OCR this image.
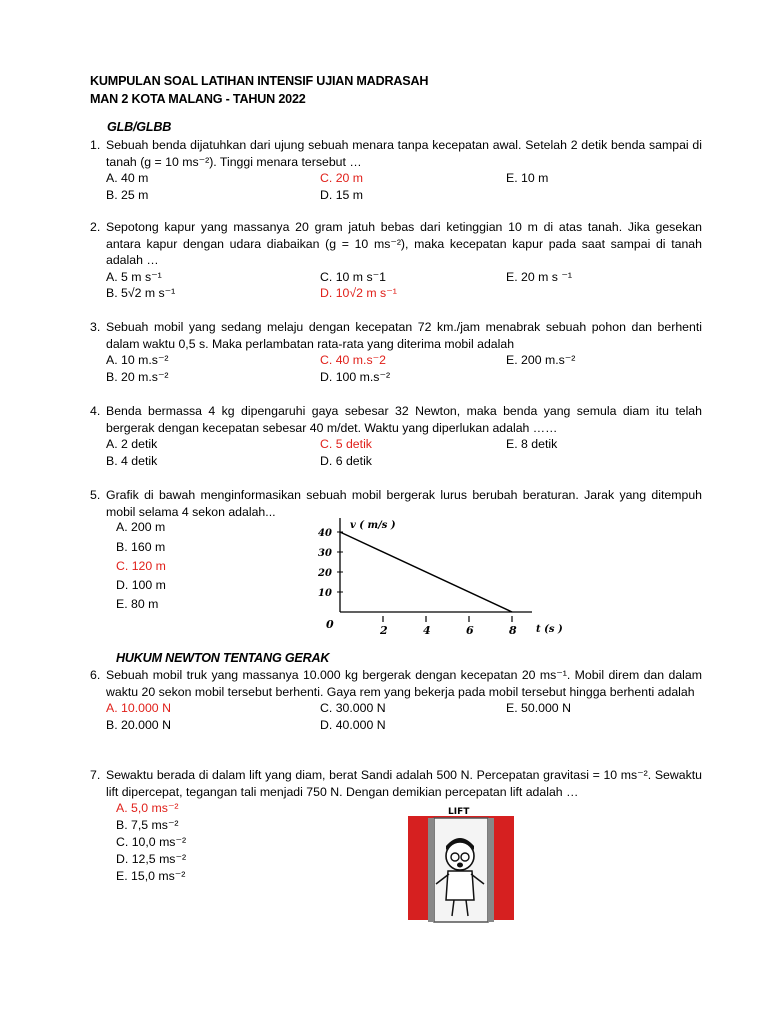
KUMPULAN SOAL LATIHAN INTENSIF UJIAN MADRASAH
MAN 2 KOTA MALANG - TAHUN 2022
GLB/GLBB
1. Sebuah benda dijatuhkan dari ujung sebuah menara tanpa kecepatan awal. Setelah 2 detik benda sampai di tanah (g = 10 ms⁻²). Tinggi menara tersebut …
A. 40 m	C. 20 m	E. 10 m
B. 25 m	D. 15 m
2. Sepotong kapur yang massanya 20 gram jatuh bebas dari ketinggian 10 m di atas tanah. Jika gesekan antara kapur dengan udara diabaikan (g = 10 ms⁻²), maka kecepatan kapur pada saat sampai di tanah adalah …
A. 5 m s⁻¹	C. 10 m s⁻1	E. 20 m s ⁻¹
B. 5√2 m s⁻¹	D. 10√2 m s⁻¹
3. Sebuah mobil yang sedang melaju dengan kecepatan 72 km./jam menabrak sebuah pohon dan berhenti dalam waktu 0,5 s. Maka perlambatan rata-rata yang diterima mobil adalah
A. 10 m.s⁻²	C. 40 m.s⁻2	E. 200 m.s⁻²
B. 20 m.s⁻²	D. 100 m.s⁻²
4. Benda bermassa 4 kg dipengaruhi gaya sebesar 32 Newton, maka benda yang semula diam itu telah bergerak dengan kecepatan sebesar 40 m/det. Waktu yang diperlukan adalah ……
A. 2 detik	C. 5 detik	E. 8 detik
B. 4 detik	D. 6 detik
5. Grafik di bawah menginformasikan sebuah mobil bergerak lurus berubah beraturan. Jarak yang ditempuh mobil selama 4 sekon adalah...
A. 200 m
B. 160 m
C. 120 m
D. 100 m
E. 80 m
10
20
30
40
2	4	6	8
v ( m/s )
t (s )
0
HUKUM NEWTON TENTANG GERAK
6. Sebuah mobil truk yang massanya 10.000 kg bergerak dengan kecepatan 20 ms⁻¹. Mobil direm dan dalam waktu 20 sekon mobil tersebut berhenti. Gaya rem yang bekerja pada mobil tersebut hingga berhenti adalah
A. 10.000 N	C. 30.000 N	E. 50.000 N
B. 20.000 N	D. 40.000 N
7. Sewaktu berada di dalam lift yang diam, berat Sandi adalah 500 N. Percepatan gravitasi = 10 ms⁻². Sewaktu lift dipercepat, tegangan tali menjadi 750 N. Dengan demikian percepatan lift adalah …
A. 5,0 ms⁻²
B. 7,5 ms⁻²
C. 10,0 ms⁻²
D. 12,5 ms⁻²
E. 15,0 ms⁻²
LIFT
